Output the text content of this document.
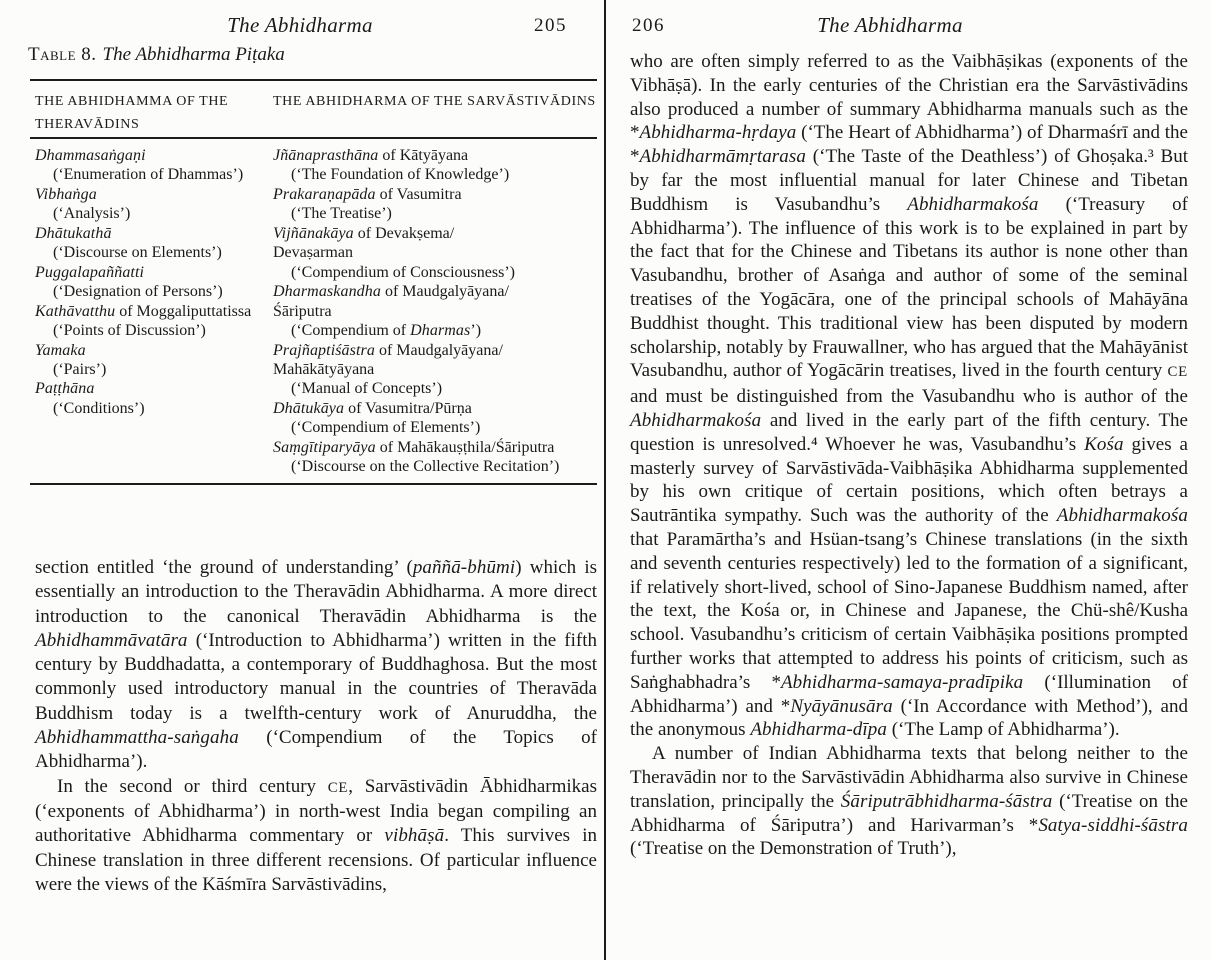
The Abhidharma	205
Table 8. The Abhidharma Piṭaka
THE ABHIDHAMMA OF THE THERAVĀDINS
THE ABHIDHARMA OF THE SARVĀSTIVĀDINS
Dhammasaṅgaṇi
(‘Enumeration of Dhammas’)
Vibhaṅga
(‘Analysis’)
Dhātukathā
(‘Discourse on Elements’)
Puggalapaññatti
(‘Designation of Persons’)
Kathāvatthu of Moggaliputtatissa
(‘Points of Discussion’)
Yamaka
(‘Pairs’)
Paṭṭhāna
(‘Conditions’)
Jñānaprasthāna of Kātyāyana
(‘The Foundation of Knowledge’)
Prakaraṇapāda of Vasumitra
(‘The Treatise’)
Vijñānakāya of Devakṣema/
Devaṣarman
(‘Compendium of Consciousness’)
Dharmaskandha of Maudgalyāyana/
Śāriputra
(‘Compendium of Dharmas’)
Prajñaptiśāstra of Maudgalyāyana/
Mahākātyāyana
(‘Manual of Concepts’)
Dhātukāya of Vasumitra/Pūrṇa
(‘Compendium of Elements’)
Saṃgītiparyāya of Mahākauṣṭhila/Śāriputra
(‘Discourse on the Collective Recitation’)

section entitled ‘the ground of understanding’ (paññā-bhūmi) which is essentially an introduction to the Theravādin Abhidharma. A more direct introduction to the canonical Theravādin Abhidharma is the Abhidhammāvatāra (‘Introduction to Abhidharma’) written in the fifth century by Buddhadatta, a contemporary of Buddhaghosa. But the most commonly used introductory manual in the countries of Theravāda Buddhism today is a twelfth-century work of Anuruddha, the Abhidhammattha-saṅgaha (‘Compendium of the Topics of Abhidharma’).

In the second or third century CE, Sarvāstivādin Ābhidharmikas (‘exponents of Abhidharma’) in north-west India began compiling an authoritative Abhidharma commentary or vibhāṣā. This survives in Chinese translation in three different recensions. Of particular influence were the views of the Kāśmīra Sarvāstivādins,

206	The Abhidharma

who are often simply referred to as the Vaibhāṣikas (exponents of the Vibhāṣā). In the early centuries of the Christian era the Sarvāstivādins also produced a number of summary Abhidharma manuals such as the *Abhidharma-hṛdaya (‘The Heart of Abhidharma’) of Dharmaśrī and the *Abhidharmāmṛtarasa (‘The Taste of the Deathless’) of Ghoṣaka.³ But by far the most influential manual for later Chinese and Tibetan Buddhism is Vasubandhu’s Abhidharmakośa (‘Treasury of Abhidharma’). The influence of this work is to be explained in part by the fact that for the Chinese and Tibetans its author is none other than Vasubandhu, brother of Asaṅga and author of some of the seminal treatises of the Yogācāra, one of the principal schools of Mahāyāna Buddhist thought. This traditional view has been disputed by modern scholarship, notably by Frauwallner, who has argued that the Mahāyānist Vasubandhu, author of Yogācārin treatises, lived in the fourth century CE and must be distinguished from the Vasubandhu who is author of the Abhidharmakośa and lived in the early part of the fifth century. The question is unresolved.⁴ Whoever he was, Vasubandhu’s Kośa gives a masterly survey of Sarvāstivāda-Vaibhāṣika Abhidharma supplemented by his own critique of certain positions, which often betrays a Sautrāntika sympathy. Such was the authority of the Abhidharmakośa that Paramārtha’s and Hsüan-tsang’s Chinese translations (in the sixth and seventh centuries respectively) led to the formation of a significant, if relatively short-lived, school of Sino-Japanese Buddhism named, after the text, the Kośa or, in Chinese and Japanese, the Chü-shê/Kusha school. Vasubandhu’s criticism of certain Vaibhāṣika positions prompted further works that attempted to address his points of criticism, such as Saṅghabhadra’s *Abhidharma-samaya-pradīpika (‘Illumination of Abhidharma’) and *Nyāyānusāra (‘In Accordance with Method’), and the anonymous Abhidharma-dīpa (‘The Lamp of Abhidharma’).

A number of Indian Abhidharma texts that belong neither to the Theravādin nor to the Sarvāstivādin Abhidharma also survive in Chinese translation, principally the Śāriputrābhidharma-śāstra (‘Treatise on the Abhidharma of Śāriputra’) and Harivarman’s *Satya-siddhi-śāstra (‘Treatise on the Demonstration of Truth’),
